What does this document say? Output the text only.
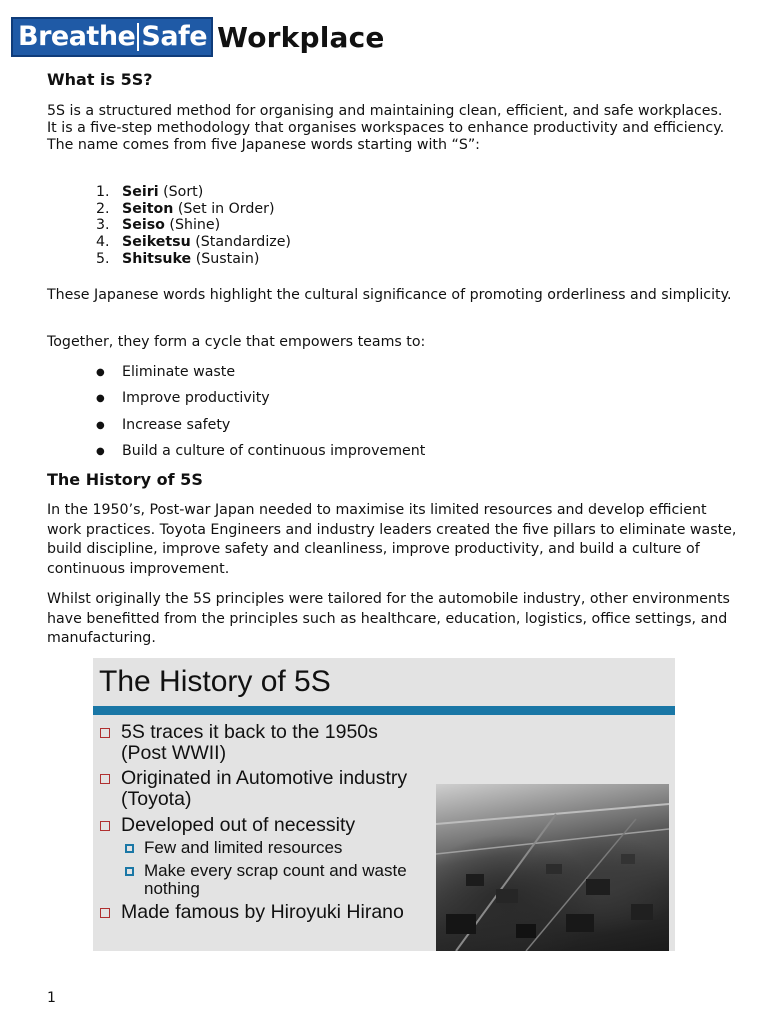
Breathe Safe Workplace
What is 5S?

5S is a structured method for organising and maintaining clean, efficient, and safe workplaces. It is a five-step methodology that organises workspaces to enhance productivity and efficiency. The name comes from five Japanese words starting with “S”:

1. Seiri (Sort)
2. Seiton (Set in Order)
3. Seiso (Shine)
4. Seiketsu (Standardize)
5. Shitsuke (Sustain)

These Japanese words highlight the cultural significance of promoting orderliness and simplicity.

Together, they form a cycle that empowers teams to:

●	Eliminate waste
●	Improve productivity
●	Increase safety
●	Build a culture of continuous improvement
The History of 5S

In the 1950’s, Post-war Japan needed to maximise its limited resources and develop efficient work practices. Toyota Engineers and industry leaders created the five pillars to eliminate waste, build discipline, improve safety and cleanliness, improve productivity, and build a culture of continuous improvement.

Whilst originally the 5S principles were tailored for the automobile industry, other environments have benefitted from the principles such as healthcare, education, logistics, office settings, and manufacturing.

The History of 5S
5S traces it back to the 1950s
(Post WWII)
Originated in Automotive industry
(Toyota)
Developed out of necessity
Few and limited resources
Make every scrap count and waste
nothing
Made famous by Hiroyuki Hirano
1
